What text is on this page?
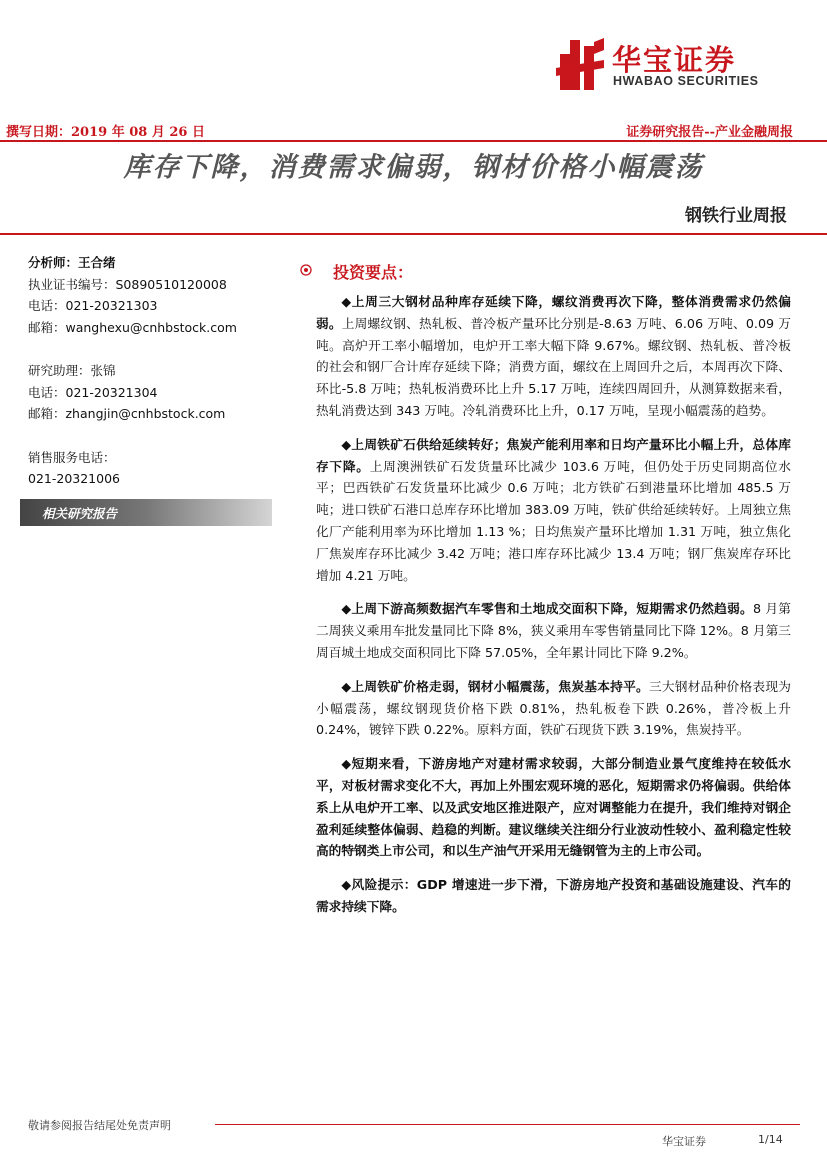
华宝证券
HWABAO SECURITIES
撰写日期：2019 年 08 月 26 日	证券研究报告--产业金融周报
库存下降，消费需求偏弱，钢材价格小幅震荡
钢铁行业周报
分析师：王合绪
执业证书编号：S0890510120008
电话：021-20321303
邮箱：wanghexu@cnhbstock.com
研究助理：张锦
电话：021-20321304
邮箱：zhangjin@cnhbstock.com
销售服务电话：
021-20321006
相关研究报告
投资要点：

◆上周三大钢材品种库存延续下降，螺纹消费再次下降，整体消费需求仍然偏弱。上周螺纹钢、热轧板、普冷板产量环比分别是-8.63 万吨、6.06 万吨、0.09 万吨。高炉开工率小幅增加，电炉开工率大幅下降 9.67%。螺纹钢、热轧板、普冷板的社会和钢厂合计库存延续下降；消费方面，螺纹在上周回升之后，本周再次下降、环比-5.8 万吨；热轧板消费环比上升 5.17 万吨，连续四周回升，从测算数据来看，热轧消费达到 343 万吨。冷轧消费环比上升，0.17 万吨，呈现小幅震荡的趋势。

◆上周铁矿石供给延续转好；焦炭产能利用率和日均产量环比小幅上升，总体库存下降。上周澳洲铁矿石发货量环比减少 103.6 万吨，但仍处于历史同期高位水平；巴西铁矿石发货量环比减少 0.6 万吨；北方铁矿石到港量环比增加 485.5 万吨；进口铁矿石港口总库存环比增加 383.09 万吨，铁矿供给延续转好。上周独立焦化厂产能利用率为环比增加 1.13 %；日均焦炭产量环比增加 1.31 万吨，独立焦化厂焦炭库存环比减少 3.42 万吨；港口库存环比减少 13.4 万吨；钢厂焦炭库存环比增加 4.21 万吨。

◆上周下游高频数据汽车零售和土地成交面积下降，短期需求仍然趋弱。8 月第二周狭义乘用车批发量同比下降 8%，狭义乘用车零售销量同比下降 12%。8 月第三周百城土地成交面积同比下降 57.05%，全年累计同比下降 9.2%。

◆上周铁矿价格走弱，钢材小幅震荡，焦炭基本持平。三大钢材品种价格表现为小幅震荡，螺纹钢现货价格下跌 0.81%，热轧板卷下跌 0.26%，普冷板上升 0.24%，镀锌下跌 0.22%。原料方面，铁矿石现货下跌 3.19%，焦炭持平。

◆短期来看，下游房地产对建材需求较弱，大部分制造业景气度维持在较低水平，对板材需求变化不大，再加上外围宏观环境的恶化，短期需求仍将偏弱。供给体系上从电炉开工率、以及武安地区推进限产，应对调整能力在提升，我们维持对钢企盈利延续整体偏弱、趋稳的判断。建议继续关注细分行业波动性较小、盈利稳定性较高的特钢类上市公司，和以生产油气开采用无缝钢管为主的上市公司。

◆风险提示：GDP 增速进一步下滑，下游房地产投资和基础设施建设、汽车的需求持续下降。

敬请参阅报告结尾处免责声明
华宝证券	1/14
